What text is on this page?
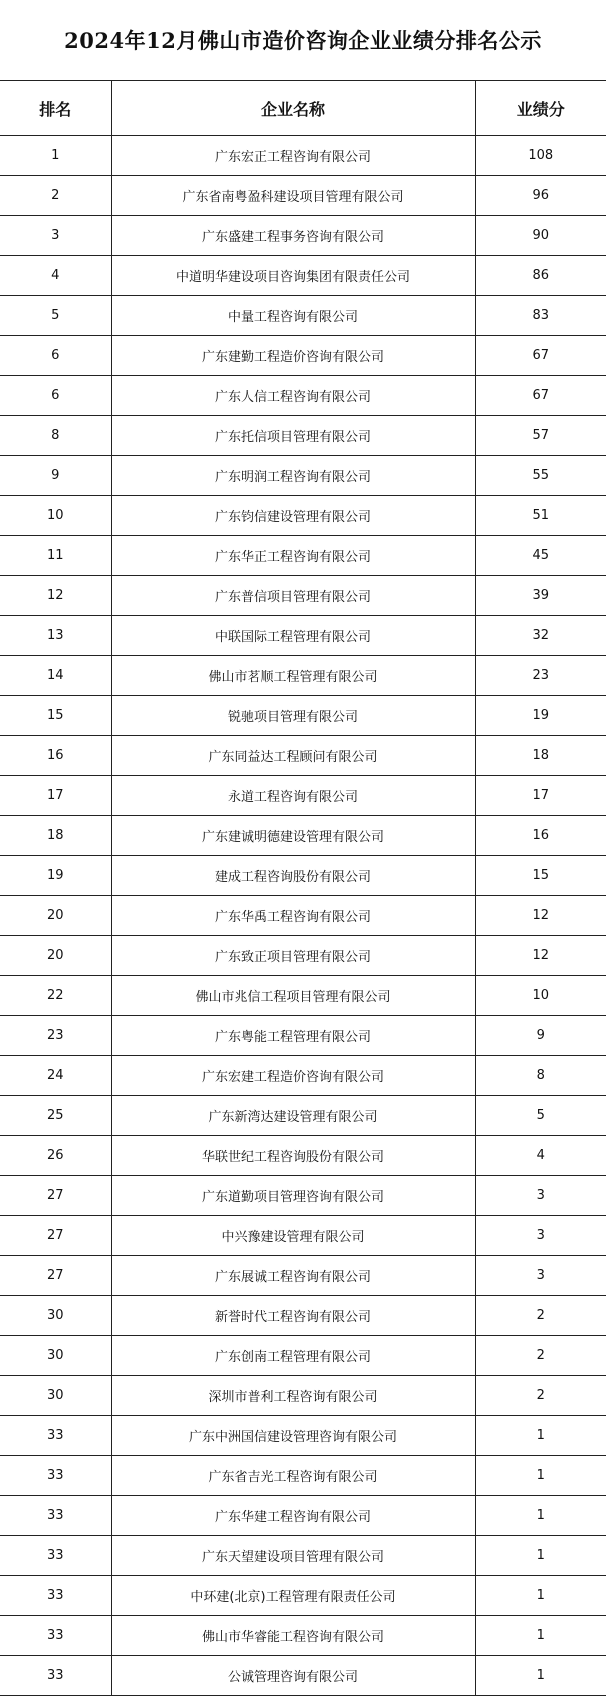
2024年12月佛山市造价咨询企业业绩分排名公示
排名	企业名称	业绩分
1	广东宏正工程咨询有限公司	108
2	广东省南粤盈科建设项目管理有限公司	96
3	广东盛建工程事务咨询有限公司	90
4	中道明华建设项目咨询集团有限责任公司	86
5	中量工程咨询有限公司	83
6	广东建勤工程造价咨询有限公司	67
6	广东人信工程咨询有限公司	67
8	广东托信项目管理有限公司	57
9	广东明润工程咨询有限公司	55
10	广东钧信建设管理有限公司	51
11	广东华正工程咨询有限公司	45
12	广东普信项目管理有限公司	39
13	中联国际工程管理有限公司	32
14	佛山市茗顺工程管理有限公司	23
15	锐驰项目管理有限公司	19
16	广东同益达工程顾问有限公司	18
17	永道工程咨询有限公司	17
18	广东建诚明德建设管理有限公司	16
19	建成工程咨询股份有限公司	15
20	广东华禹工程咨询有限公司	12
20	广东致正项目管理有限公司	12
22	佛山市兆信工程项目管理有限公司	10
23	广东粤能工程管理有限公司	9
24	广东宏建工程造价咨询有限公司	8
25	广东新湾达建设管理有限公司	5
26	华联世纪工程咨询股份有限公司	4
27	广东道勤项目管理咨询有限公司	3
27	中兴豫建设管理有限公司	3
27	广东展诚工程咨询有限公司	3
30	新誉时代工程咨询有限公司	2
30	广东创南工程管理有限公司	2
30	深圳市普利工程咨询有限公司	2
33	广东中洲国信建设管理咨询有限公司	1
33	广东省吉光工程咨询有限公司	1
33	广东华建工程咨询有限公司	1
33	广东天望建设项目管理有限公司	1
33	中环建(北京)工程管理有限责任公司	1
33	佛山市华睿能工程咨询有限公司	1
33	公诚管理咨询有限公司	1
